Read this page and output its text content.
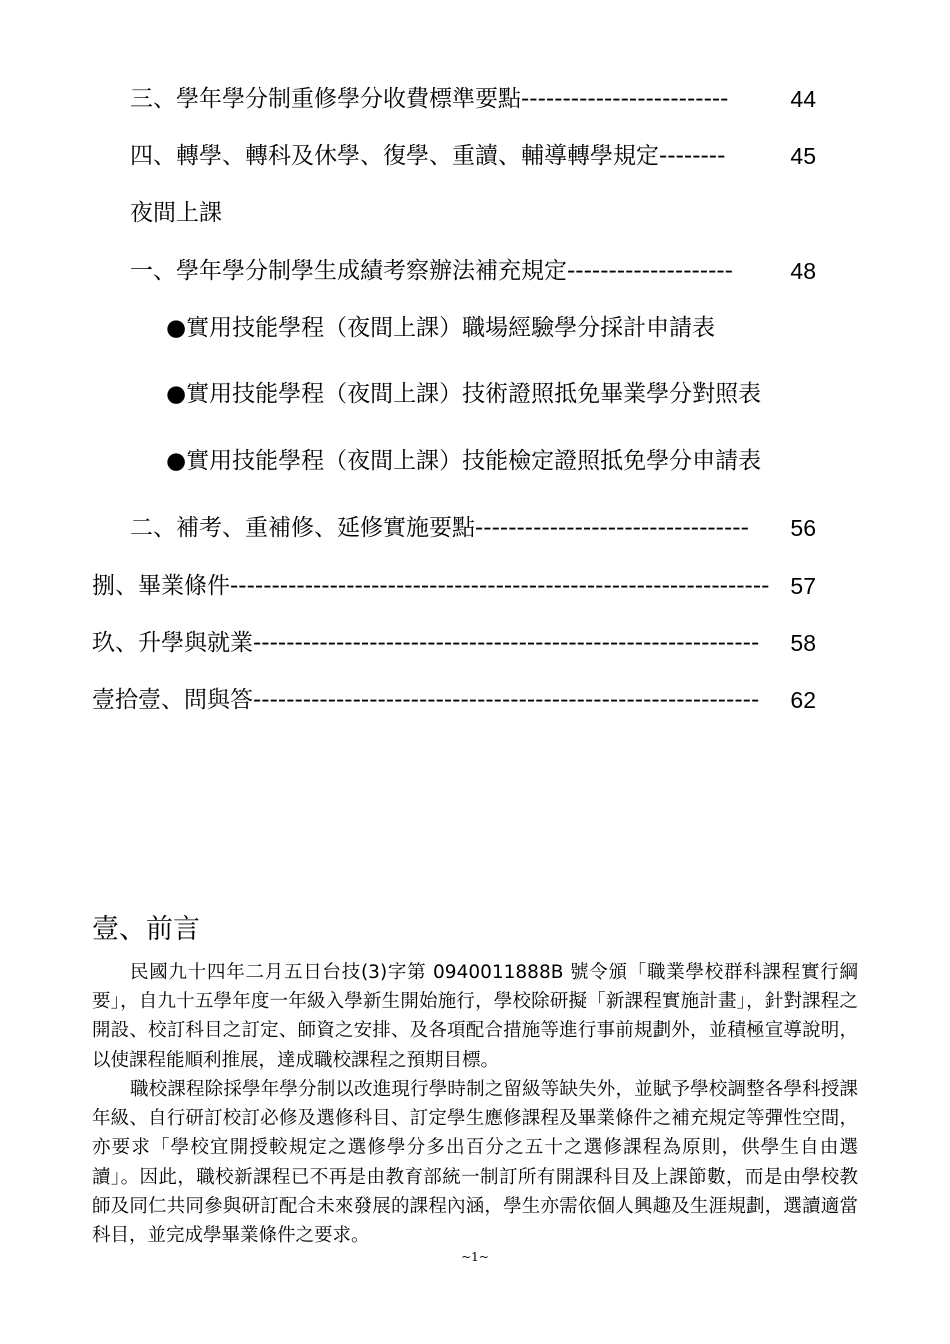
三、學年學分制重修學分收費標準要點-------------------------	44
四、轉學、轉科及休學、復學、重讀、輔導轉學規定--------	45
夜間上課
一、學年學分制學生成績考察辦法補充規定-------------------- 48
●實用技能學程（夜間上課）職場經驗學分採計申請表
●實用技能學程（夜間上課）技術證照抵免畢業學分對照表
●實用技能學程（夜間上課）技能檢定證照抵免學分申請表
二、補考、重補修、延修實施要點--------------------------------- 56
捌、畢業條件----------------------------------------------------------------- 57
玖、升學與就業------------------------------------------------------------- 58
壹拾壹、問與答------------------------------------------------------------- 62
壹、前言

民國九十四年二月五日台技(3)字第 0940011888B 號令頒「職業學校群科課程實行綱要」，自九十五學年度一年級入學新生開始施行，學校除研擬「新課程實施計畫」，針對課程之開設、校訂科目之訂定、師資之安排、及各項配合措施等進行事前規劃外，並積極宣導說明，以使課程能順利推展，達成職校課程之預期目標。

職校課程除採學年學分制以改進現行學時制之留級等缺失外，並賦予學校調整各學科授課年級、自行研訂校訂必修及選修科目、訂定學生應修課程及畢業條件之補充規定等彈性空間，亦要求「學校宜開授較規定之選修學分多出百分之五十之選修課程為原則，供學生自由選讀」。因此，職校新課程已不再是由教育部統一制訂所有開課科目及上課節數，而是由學校教師及同仁共同參與研訂配合未來發展的課程內涵，學生亦需依個人興趣及生涯規劃，選讀適當科目，並完成學畢業條件之要求。

~1~
